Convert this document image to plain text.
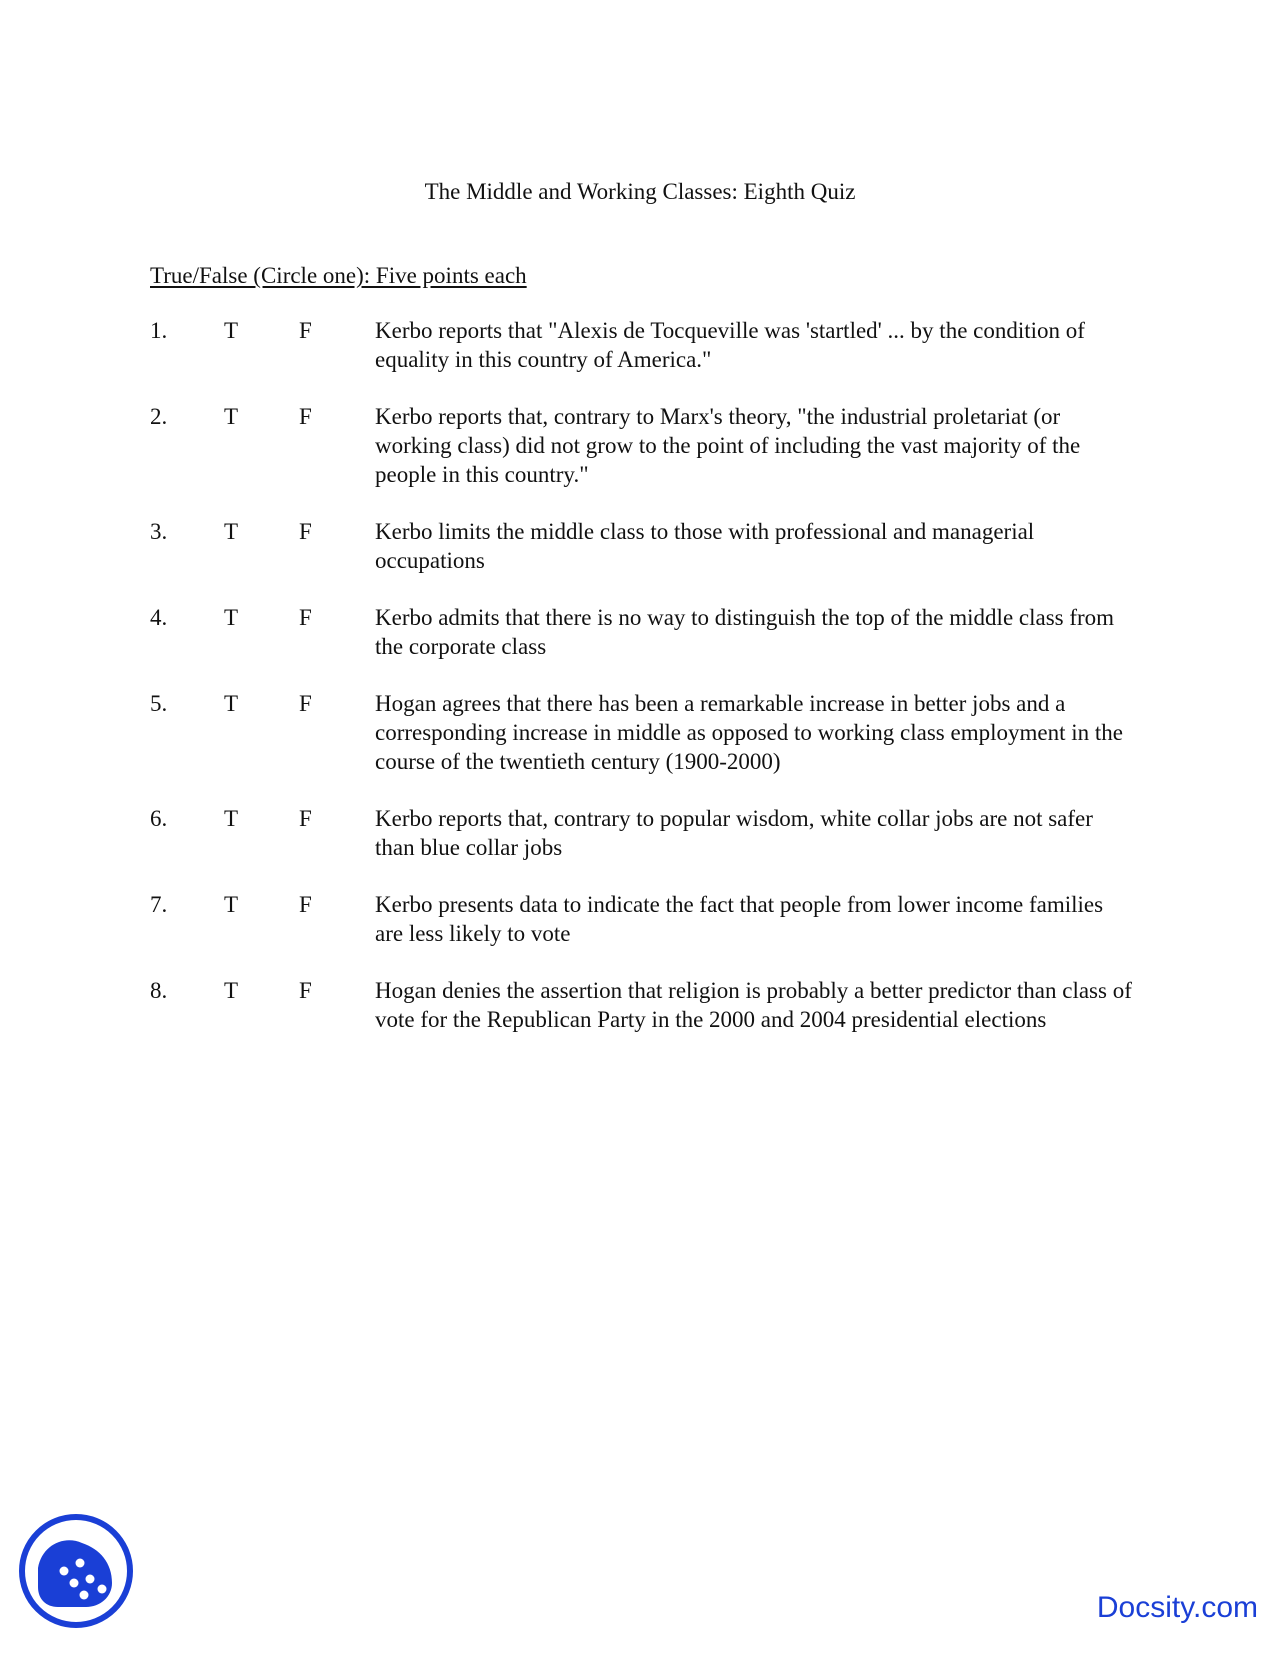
The Middle and Working Classes: Eighth Quiz
True/False (Circle one): Five points each
1. T	F	Kerbo reports that "Alexis de Tocqueville was 'startled' ... by the condition of equality in this country of America."
2. T	F	Kerbo reports that, contrary to Marx's theory, "the industrial proletariat (or working class) did not grow to the point of including the vast majority of the people in this country."
3. T	F	Kerbo limits the middle class to those with professional and managerial occupations
4. T	F	Kerbo admits that there is no way to distinguish the top of the middle class from the corporate class
5. T	F	Hogan agrees that there has been a remarkable increase in better jobs and a corresponding increase in middle as opposed to working class employment in the course of the twentieth century (1900-2000)
6. T	F	Kerbo reports that, contrary to popular wisdom, white collar jobs are not safer than blue collar jobs
7. T	F	Kerbo presents data to indicate the fact that people from lower income families are less likely to vote
8. T	F	Hogan denies the assertion that religion is probably a better predictor than class of vote for the Republican Party in the 2000 and 2004 presidential elections
Docsity.com
